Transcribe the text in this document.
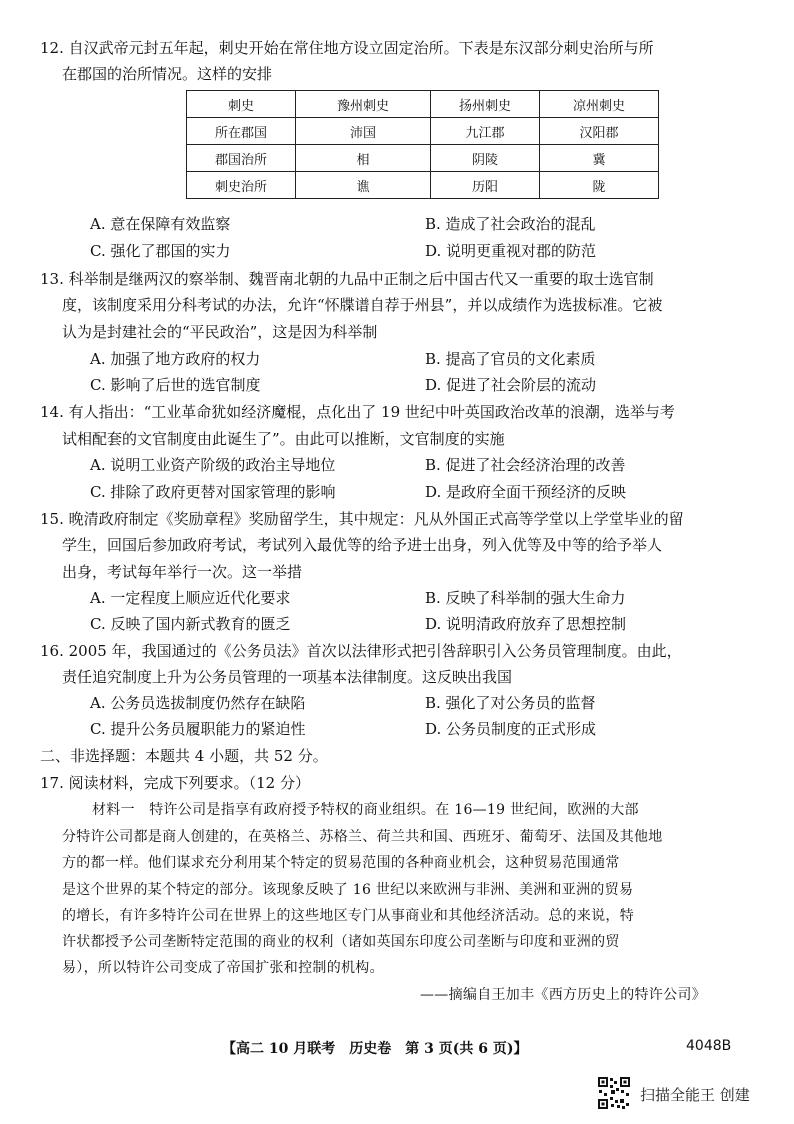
12. 自汉武帝元封五年起，刺史开始在常住地方设立固定治所。下表是东汉部分刺史治所与所
在郡国的治所情况。这样的安排
刺史	豫州刺史	扬州刺史	凉州刺史
所在郡国	沛国	九江郡	汉阳郡
郡国治所	相	阴陵	冀
刺史治所	谯	历阳	陇
A. 意在保障有效监察	B. 造成了社会政治的混乱
C. 强化了郡国的实力	D. 说明更重视对郡的防范
13. 科举制是继两汉的察举制、魏晋南北朝的九品中正制之后中国古代又一重要的取士选官制
度，该制度采用分科考试的办法，允许“怀牒谱自荐于州县”，并以成绩作为选拔标准。它被
认为是封建社会的“平民政治”，这是因为科举制
A. 加强了地方政府的权力	B. 提高了官员的文化素质
C. 影响了后世的选官制度	D. 促进了社会阶层的流动
14. 有人指出：“工业革命犹如经济魔棍，点化出了 19 世纪中叶英国政治改革的浪潮，选举与考
试相配套的文官制度由此诞生了”。由此可以推断，文官制度的实施
A. 说明工业资产阶级的政治主导地位	B. 促进了社会经济治理的改善
C. 排除了政府更替对国家管理的影响	D. 是政府全面干预经济的反映
15. 晚清政府制定《奖励章程》奖励留学生，其中规定：凡从外国正式高等学堂以上学堂毕业的留
学生，回国后参加政府考试，考试列入最优等的给予进士出身，列入优等及中等的给予举人
出身，考试每年举行一次。这一举措
A. 一定程度上顺应近代化要求	B. 反映了科举制的强大生命力
C. 反映了国内新式教育的匮乏	D. 说明清政府放弃了思想控制
16. 2005 年，我国通过的《公务员法》首次以法律形式把引咎辞职引入公务员管理制度。由此，
责任追究制度上升为公务员管理的一项基本法律制度。这反映出我国
A. 公务员选拔制度仍然存在缺陷	B. 强化了对公务员的监督
C. 提升公务员履职能力的紧迫性	D. 公务员制度的正式形成
二、非选择题：本题共 4 小题，共 52 分。
17. 阅读材料，完成下列要求。（12 分）
材料一　特许公司是指享有政府授予特权的商业组织。在 16—19 世纪间，欧洲的大部
分特许公司都是商人创建的，在英格兰、苏格兰、荷兰共和国、西班牙、葡萄牙、法国及其他地
方的都一样。他们谋求充分利用某个特定的贸易范围的各种商业机会，这种贸易范围通常
是这个世界的某个特定的部分。该现象反映了 16 世纪以来欧洲与非洲、美洲和亚洲的贸易
的增长，有许多特许公司在世界上的这些地区专门从事商业和其他经济活动。总的来说，特
许状都授予公司垄断特定范围的商业的权利（诸如英国东印度公司垄断与印度和亚洲的贸
易），所以特许公司变成了帝国扩张和控制的机构。
——摘编自王加丰《西方历史上的特许公司》
【高二 10 月联考　历史卷　第 3 页(共 6 页)】	4048B
扫描全能王 创建
